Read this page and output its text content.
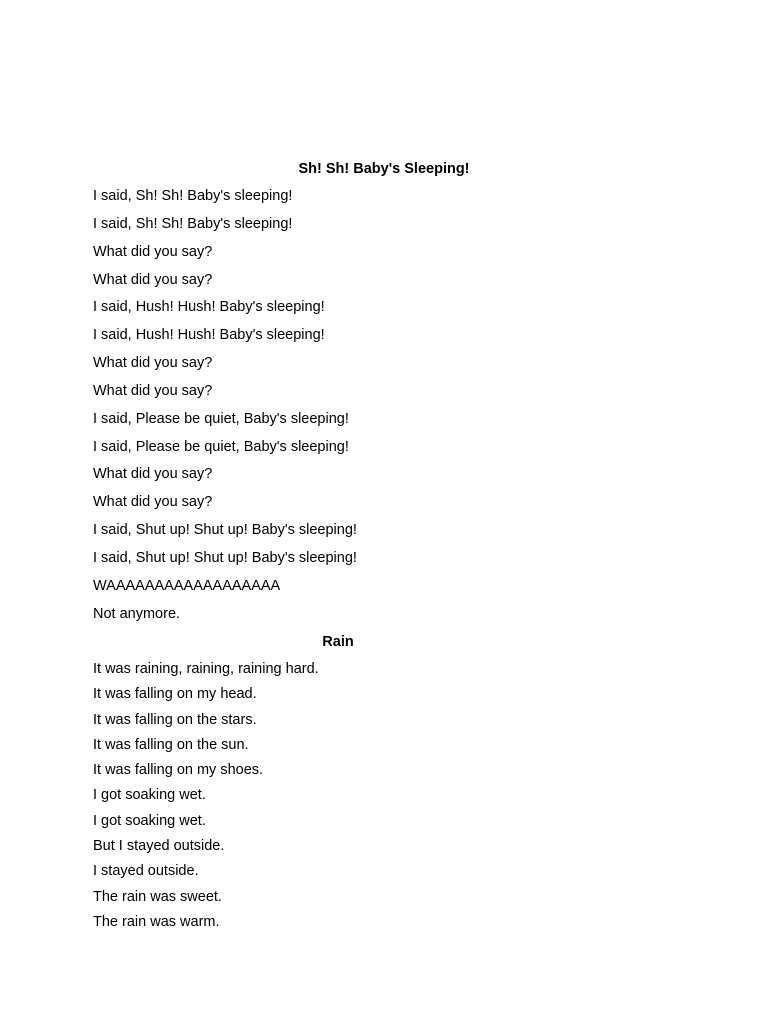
Sh! Sh! Baby's Sleeping!
I said, Sh! Sh! Baby's sleeping!
I said, Sh! Sh! Baby's sleeping!
What did you say?
What did you say?
I said, Hush! Hush! Baby's sleeping!
I said, Hush! Hush! Baby's sleeping!
What did you say?
What did you say?
I said, Please be quiet, Baby's sleeping!
I said, Please be quiet, Baby's sleeping!
What did you say?
What did you say?
I said, Shut up! Shut up! Baby's sleeping!
I said, Shut up! Shut up! Baby's sleeping!
WAAAAAAAAAAAAAAAAAA
Not anymore.
Rain
It was raining, raining, raining hard.
It was falling on my head.
It was falling on the stars.
It was falling on the sun.
It was falling on my shoes.
I got soaking wet.
I got soaking wet.
But I stayed outside.
I stayed outside.
The rain was sweet.
The rain was warm.
